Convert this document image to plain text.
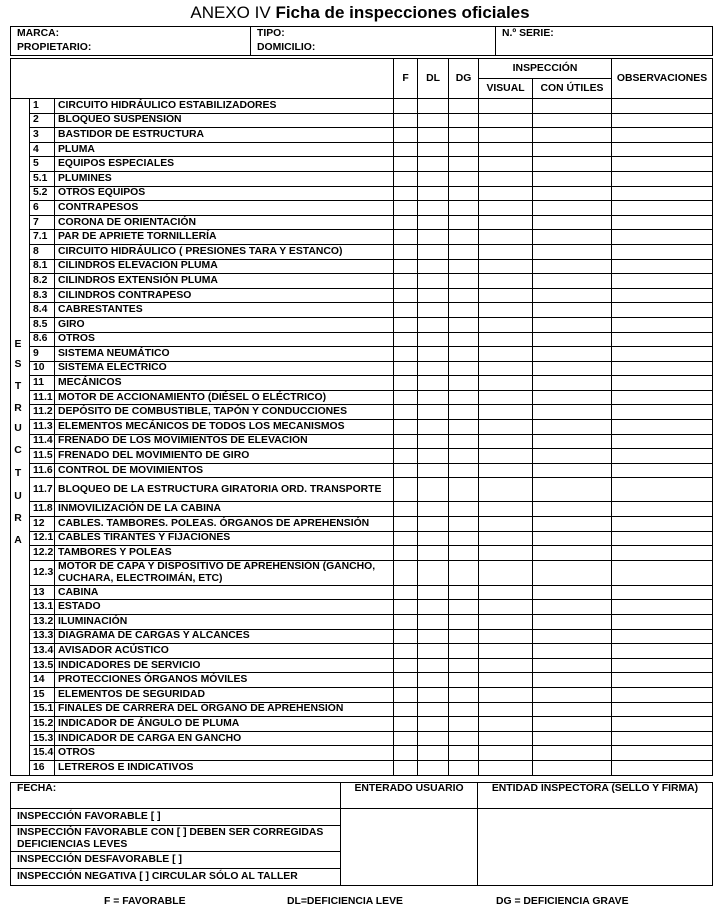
ANEXO IV Ficha de inspecciones oficiales
MARCA:	TIPO:	N.º SERIE:
PROPIETARIO:	DOMICILIO:	
	F	DL	DG	INSPECCIÓN		OBSERVACIONES
				VISUAL	CON ÚTILES	
	1	CIRCUITO HIDRÁULICO ESTABILIZADORES						
	2	BLOQUEO SUSPENSIÓN						
	3	BASTIDOR DE ESTRUCTURA						
	4	PLUMA						
	5	EQUIPOS ESPECIALES						
	5.1	PLUMINES						
	5.2	OTROS EQUIPOS						
	6	CONTRAPESOS						
	7	CORONA DE ORIENTACIÓN						
	7.1	PAR DE APRIETE TORNILLERÍA						
	8	CIRCUITO HIDRÁULICO ( PRESIONES TARA Y ESTANCO)						
	8.1	CILINDROS ELEVACIÓN PLUMA						
	8.2	CILINDROS EXTENSIÓN PLUMA						
	8.3	CILINDROS CONTRAPESO						
	8.4	CABRESTANTES						
	8.5	GIRO						
	8.6	OTROS						
	9	SISTEMA NEUMÁTICO						
	10	SISTEMA ELÉCTRICO						
	11	MECÁNICOS						
	11.1	MOTOR DE ACCIONAMIENTO (DIÉSEL O ELÉCTRICO)						
	11.2	DEPÓSITO DE COMBUSTIBLE, TAPÓN Y CONDUCCIONES						
	11.3	ELEMENTOS MECÁNICOS DE TODOS LOS MECANISMOS						
	11.4	FRENADO DE LOS MOVIMIENTOS DE ELEVACIÓN						
	11.5	FRENADO DEL MOVIMIENTO DE GIRO						
	11.6	CONTROL DE MOVIMIENTOS						
	11.7	BLOQUEO DE LA ESTRUCTURA GIRATORIA ORD. TRANSPORTE						
	11.8	INMOVILIZACIÓN DE LA CABINA						
	12	CABLES. TAMBORES. POLEAS. ÓRGANOS DE APREHENSIÓN						
	12.1	CABLES TIRANTES Y FIJACIONES						
	12.2	TAMBORES Y POLEAS						
	12.3	MOTOR DE CAPA Y DISPOSITIVO DE APREHENSIÓN (GANCHO, CUCHARA, ELECTROIMÁN, ETC)						
	13	CABINA						
	13.1	ESTADO						
	13.2	ILUMINACIÓN						
	13.3	DIAGRAMA DE CARGAS Y ALCANCES						
	13.4	AVISADOR ACÚSTICO						
	13.5	INDICADORES DE SERVICIO						
	14	PROTECCIONES ÓRGANOS MÓVILES						
	15	ELEMENTOS DE SEGURIDAD						
	15.1	FINALES DE CARRERA DEL ÓRGANO DE APREHENSIÓN						
	15.2	INDICADOR DE ÁNGULO DE PLUMA						
	15.3	INDICADOR DE CARGA EN GANCHO						
	15.4	OTROS						
	16	LETREROS E INDICATIVOS						
E
S
T
R
U
C
T
U
R
A
FECHA:	ENTERADO USUARIO	ENTIDAD INSPECTORA (SELLO Y FIRMA)
INSPECCIÓN FAVORABLE [ ]		
INSPECCIÓN FAVORABLE CON [ ] DEBEN SER CORREGIDAS DEFICIENCIAS LEVES		
INSPECCIÓN DESFAVORABLE [ ]		
INSPECCIÓN NEGATIVA [ ] CIRCULAR SÓLO AL TALLER		
F = FAVORABLE	DL=DEFICIENCIA LEVE	DG = DEFICIENCIA GRAVE
